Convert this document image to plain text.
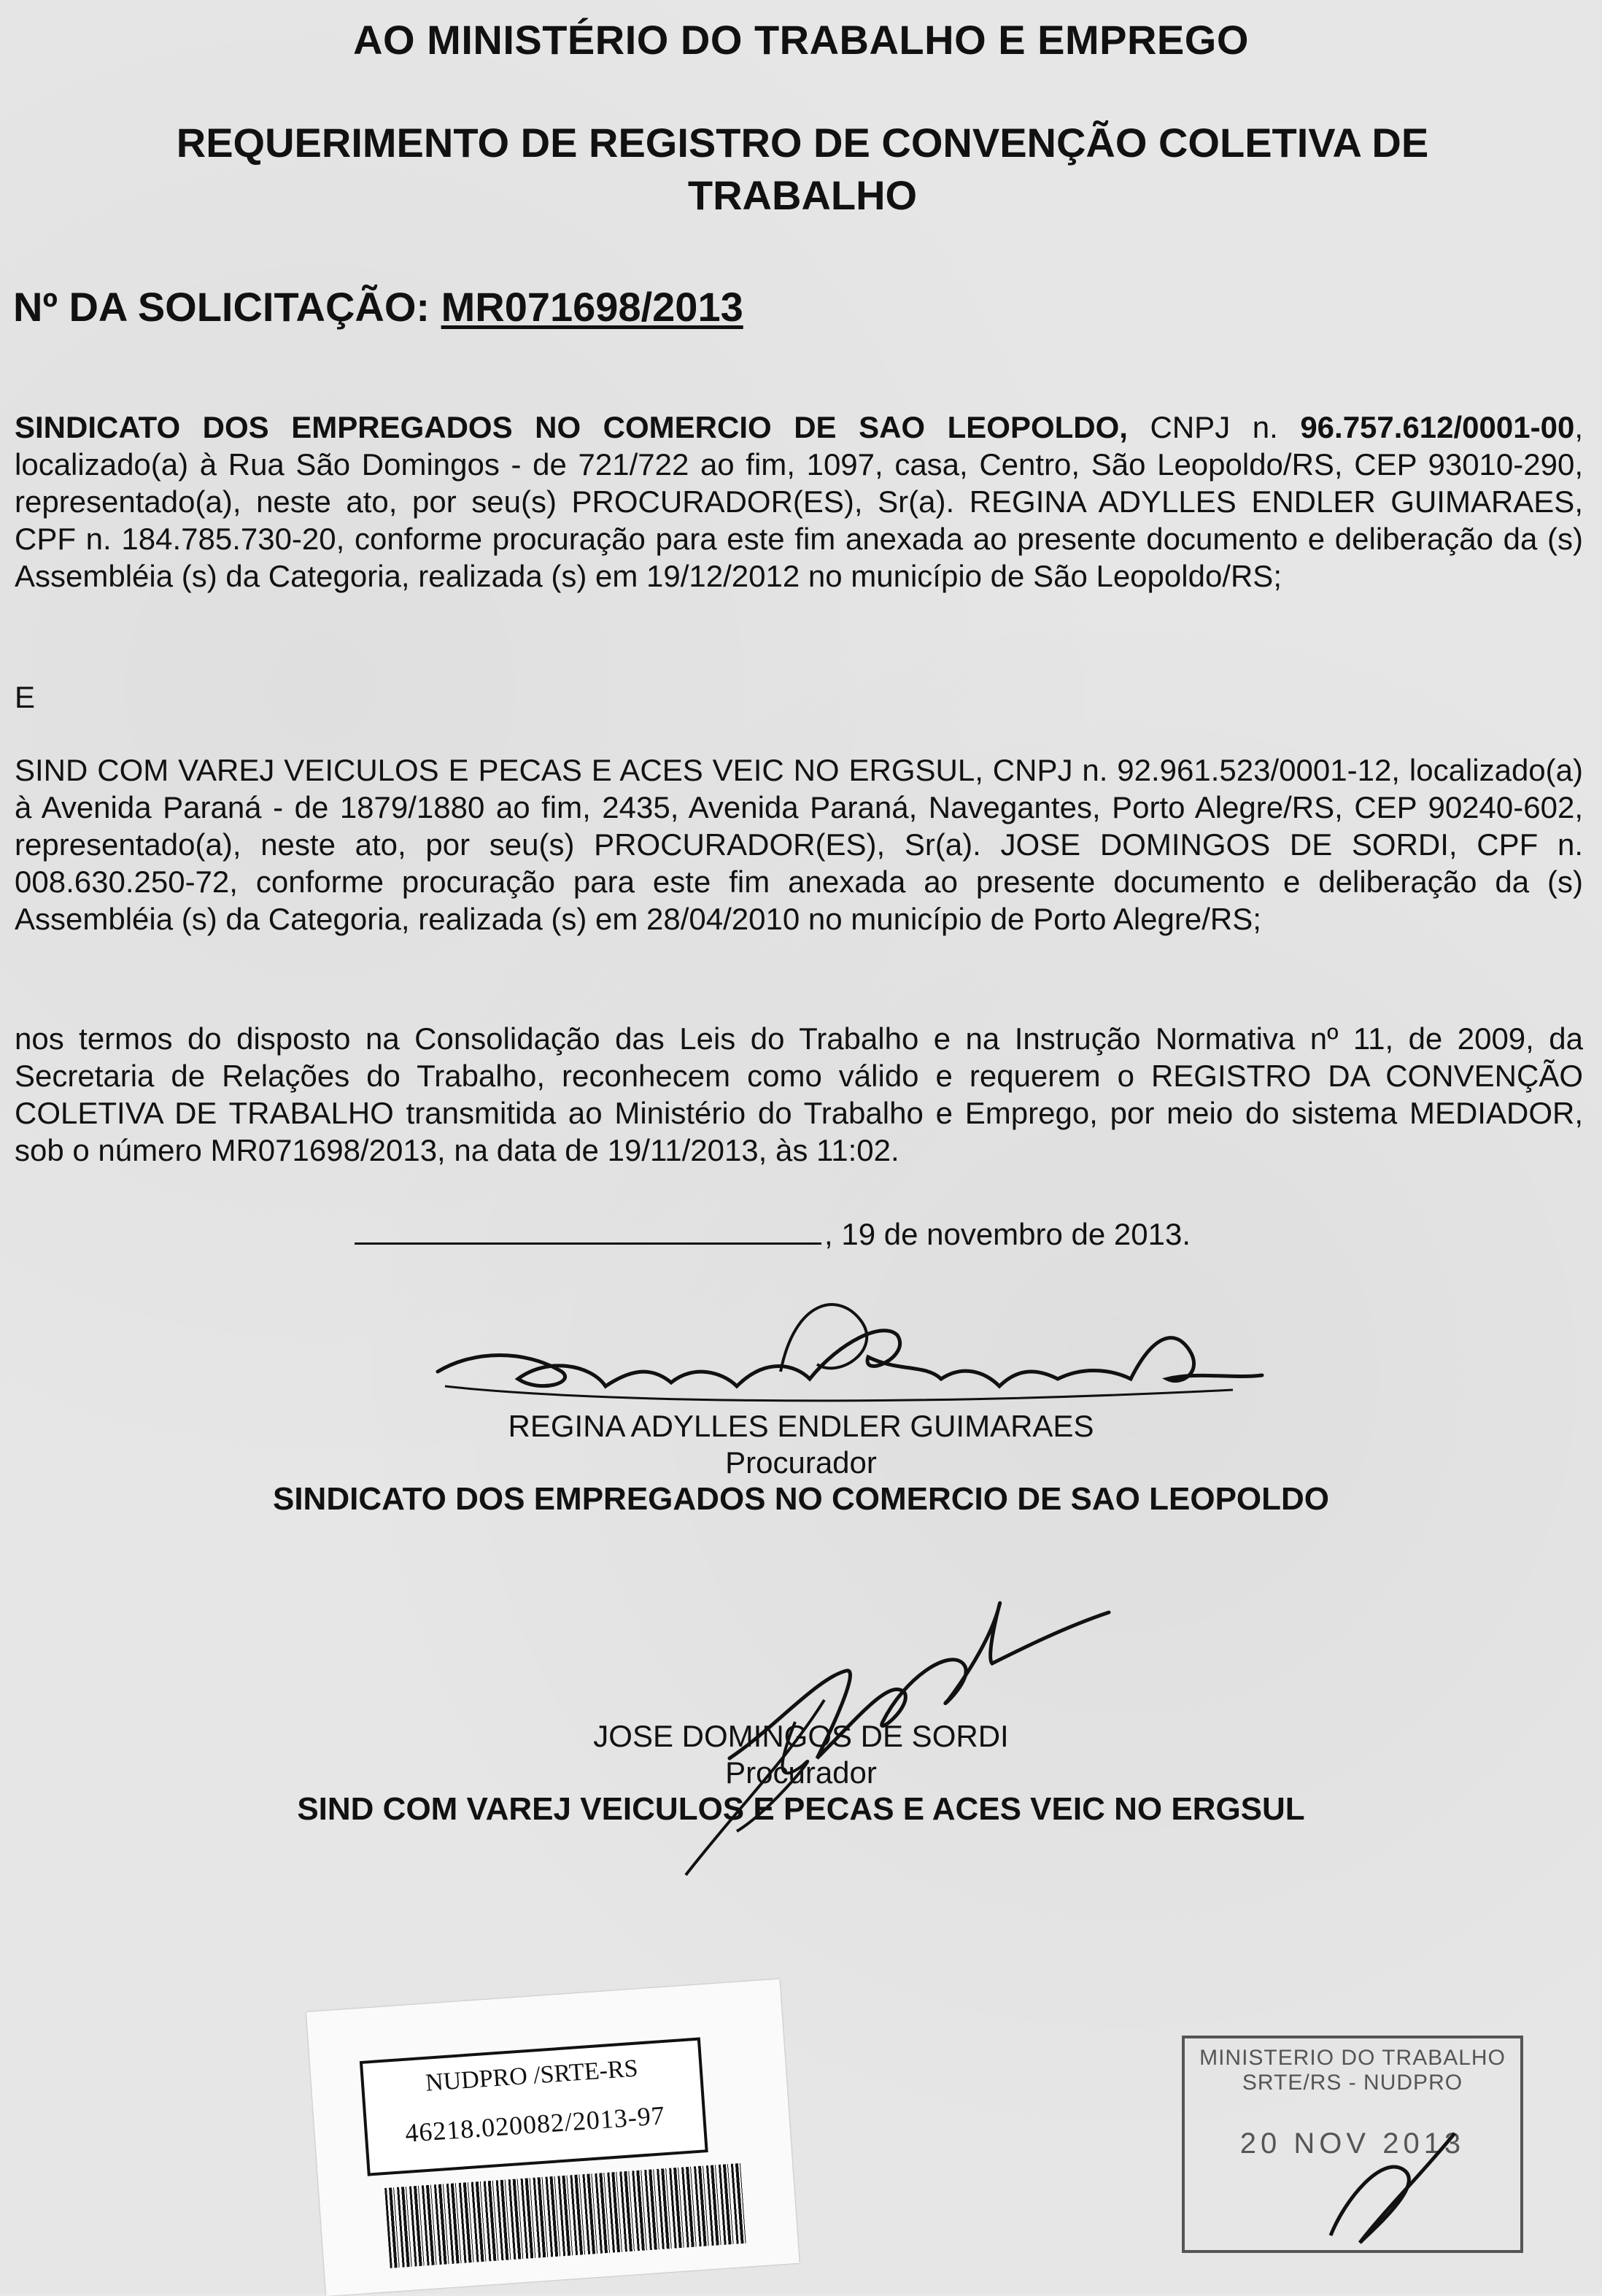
AO MINISTÉRIO DO TRABALHO E EMPREGO
REQUERIMENTO DE REGISTRO DE CONVENÇÃO COLETIVA DE TRABALHO
Nº DA SOLICITAÇÃO: MR071698/2013
SINDICATO DOS EMPREGADOS NO COMERCIO DE SAO LEOPOLDO, CNPJ n. 96.757.612/0001-00, localizado(a) à Rua São Domingos - de 721/722 ao fim, 1097, casa, Centro, São Leopoldo/RS, CEP 93010-290, representado(a), neste ato, por seu(s) PROCURADOR(ES), Sr(a). REGINA ADYLLES ENDLER GUIMARAES, CPF n. 184.785.730-20, conforme procuração para este fim anexada ao presente documento e deliberação da (s) Assembléia (s) da Categoria, realizada (s) em 19/12/2012 no município de São Leopoldo/RS;
E
SIND COM VAREJ VEICULOS E PECAS E ACES VEIC NO ERGSUL, CNPJ n. 92.961.523/0001-12, localizado(a) à Avenida Paraná - de 1879/1880 ao fim, 2435, Avenida Paraná, Navegantes, Porto Alegre/RS, CEP 90240-602, representado(a), neste ato, por seu(s) PROCURADOR(ES), Sr(a). JOSE DOMINGOS DE SORDI, CPF n. 008.630.250-72, conforme procuração para este fim anexada ao presente documento e deliberação da (s) Assembléia (s) da Categoria, realizada (s) em 28/04/2010 no município de Porto Alegre/RS;
nos termos do disposto na Consolidação das Leis do Trabalho e na Instrução Normativa nº 11, de 2009, da Secretaria de Relações do Trabalho, reconhecem como válido e requerem o REGISTRO DA CONVENÇÃO COLETIVA DE TRABALHO transmitida ao Ministério do Trabalho e Emprego, por meio do sistema MEDIADOR, sob o número MR071698/2013, na data de 19/11/2013, às 11:02.
, 19 de novembro de 2013.
REGINA ADYLLES ENDLER GUIMARAES
Procurador
SINDICATO DOS EMPREGADOS NO COMERCIO DE SAO LEOPOLDO
JOSE DOMINGOS DE SORDI
Procurador
SIND COM VAREJ VEICULOS E PECAS E ACES VEIC NO ERGSUL
NUDPRO /SRTE-RS
46218.020082/2013-97
MINISTERIO DO TRABALHO
SRTE/RS - NUDPRO
20 NOV 2013
